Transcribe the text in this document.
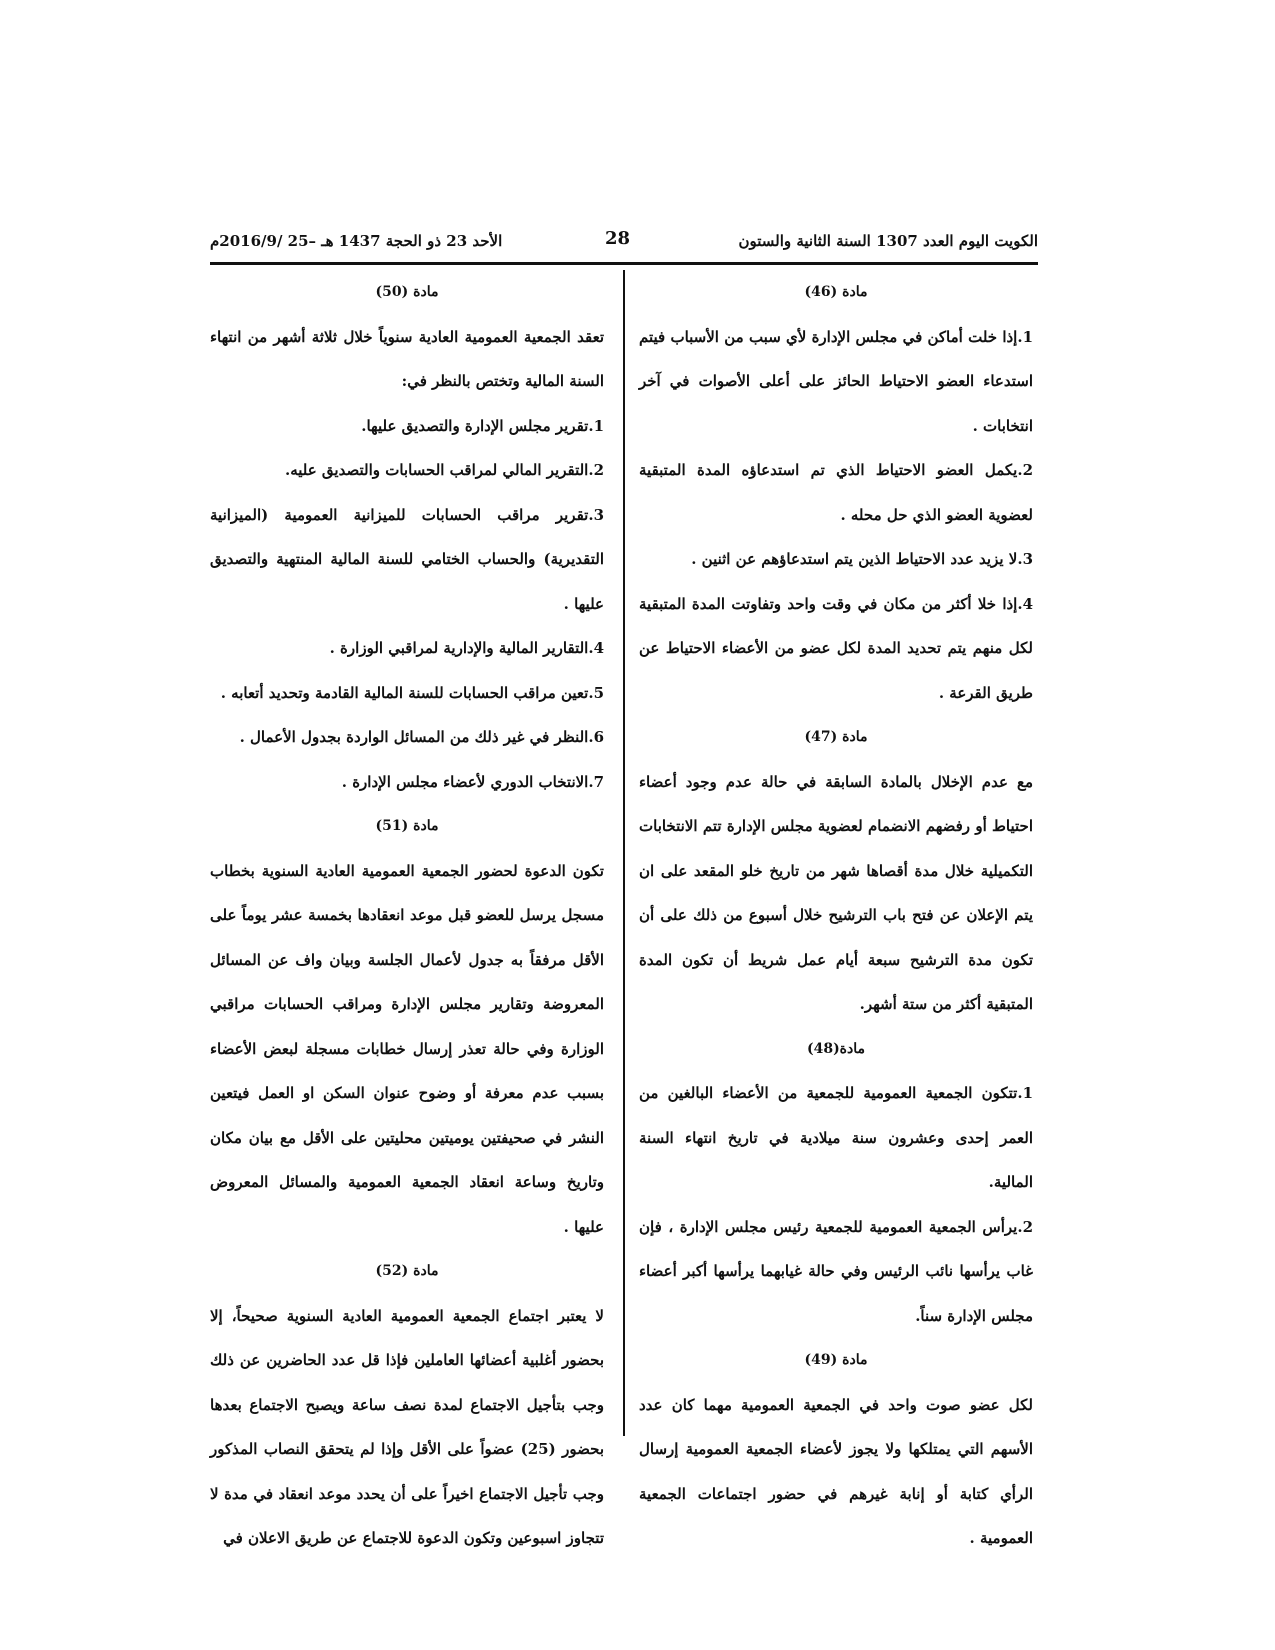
الكويت اليوم العدد 1307 السنة الثانية والستون
28
الأحد 23 ذو الحجة 1437 هـ –25 /2016/9م

مادة (46)

1.إذا خلت أماكن في مجلس الإدارة لأي سبب من الأسباب فيتم استدعاء العضو الاحتياط الحائز على أعلى الأصوات في آخر انتخابات .

2.يكمل العضو الاحتياط الذي تم استدعاؤه المدة المتبقية لعضوية العضو الذي حل محله .

3.لا يزيد عدد الاحتياط الذين يتم استدعاؤهم عن اثنين .

4.إذا خلا أكثر من مكان في وقت واحد وتفاوتت المدة المتبقية لكل منهم يتم تحديد المدة لكل عضو من الأعضاء الاحتياط عن طريق القرعة .

مادة (47)

مع عدم الإخلال بالمادة السابقة في حالة عدم وجود أعضاء احتياط أو رفضهم الانضمام لعضوية مجلس الإدارة تتم الانتخابات التكميلية خلال مدة أقصاها شهر من تاريخ خلو المقعد على ان يتم الإعلان عن فتح باب الترشيح خلال أسبوع من ذلك على أن تكون مدة الترشيح سبعة أيام عمل شريط أن تكون المدة المتبقية أكثر من ستة أشهر.

مادة(48)

1.تتكون الجمعية العمومية للجمعية من الأعضاء البالغين من العمر إحدى وعشرون سنة ميلادية في تاريخ انتهاء السنة المالية.

2.يرأس الجمعية العمومية للجمعية رئيس مجلس الإدارة ، فإن غاب يرأسها نائب الرئيس وفي حالة غيابهما يرأسها أكبر أعضاء مجلس الإدارة سناً.

مادة (49)

لكل عضو صوت واحد في الجمعية العمومية مهما كان عدد الأسهم التي يمتلكها ولا يجوز لأعضاء الجمعية العمومية إرسال الرأي كتابة أو إنابة غيرهم في حضور اجتماعات الجمعية العمومية .

مادة (50)

تعقد الجمعية العمومية العادية سنوياً خلال ثلاثة أشهر من انتهاء السنة المالية وتختص بالنظر في:

1.تقرير مجلس الإدارة والتصديق عليها.

2.التقرير المالي لمراقب الحسابات والتصديق عليه.

3.تقرير مراقب الحسابات للميزانية العمومية (الميزانية التقديرية) والحساب الختامي للسنة المالية المنتهية والتصديق عليها .

4.التقارير المالية والإدارية لمراقبي الوزارة .

5.تعين مراقب الحسابات للسنة المالية القادمة وتحديد أتعابه .

6.النظر في غير ذلك من المسائل الواردة بجدول الأعمال .

7.الانتخاب الدوري لأعضاء مجلس الإدارة .

مادة (51)

تكون الدعوة لحضور الجمعية العمومية العادية السنوية بخطاب مسجل يرسل للعضو قبل موعد انعقادها بخمسة عشر يوماً على الأقل مرفقاً به جدول لأعمال الجلسة وبيان واف عن المسائل المعروضة وتقارير مجلس الإدارة ومراقب الحسابات مراقبي الوزارة وفي حالة تعذر إرسال خطابات مسجلة لبعض الأعضاء بسبب عدم معرفة أو وضوح عنوان السكن او العمل فيتعين النشر في صحيفتين يوميتين محليتين على الأقل مع بيان مكان وتاريخ وساعة انعقاد الجمعية العمومية والمسائل المعروض عليها .

مادة (52)

لا يعتبر اجتماع الجمعية العمومية العادية السنوية صحيحاً، إلا بحضور أغلبية أعضائها العاملين فإذا قل عدد الحاضرين عن ذلك وجب بتأجيل الاجتماع لمدة نصف ساعة ويصبح الاجتماع بعدها بحضور (25) عضواً على الأقل وإذا لم يتحقق النصاب المذكور وجب تأجيل الاجتماع اخيراً على أن يحدد موعد انعقاد في مدة لا تتجاوز اسبوعين وتكون الدعوة للاجتماع عن طريق الاعلان في
